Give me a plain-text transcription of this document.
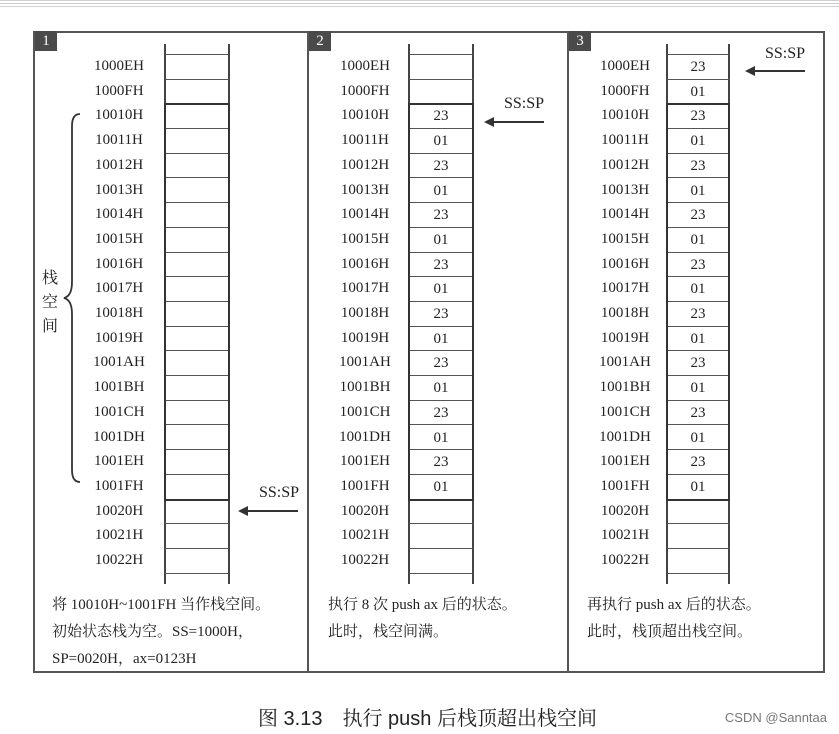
1	2	3
栈
空
间
1000EH
1000FH
10010H
10011H
10012H
10013H
10014H
10015H
10016H
10017H
10018H
10019H
1001AH
1001BH
1001CH
1001DH
1001EH
1001FH
10020H
10021H
10022H
1000EH
1000FH
10010H	23
10011H	01
10012H	23
10013H	01
10014H	23
10015H	01
10016H	23
10017H	01
10018H	23
10019H	01
1001AH	23
1001BH	01
1001CH	23
1001DH	01
1001EH	23
1001FH	01
10020H
10021H
10022H
1000EH	23
1000FH	01
10010H	23
10011H	01
10012H	23
10013H	01
10014H	23
10015H	01
10016H	23
10017H	01
10018H	23
10019H	01
1001AH	23
1001BH	01
1001CH	23
1001DH	01
1001EH	23
1001FH	01
10020H
10021H
10022H
SS:SP
SS:SP
SS:SP
将 10010H~1001FH 当作栈空间。
初始状态栈为空。SS=1000H，
SP=0020H，ax=0123H
执行 8 次 push ax 后的状态。
此时，栈空间满。
再执行 push ax 后的状态。
此时，栈顶超出栈空间。
图 3.13　执行 push 后栈顶超出栈空间	CSDN @Sanntaa
